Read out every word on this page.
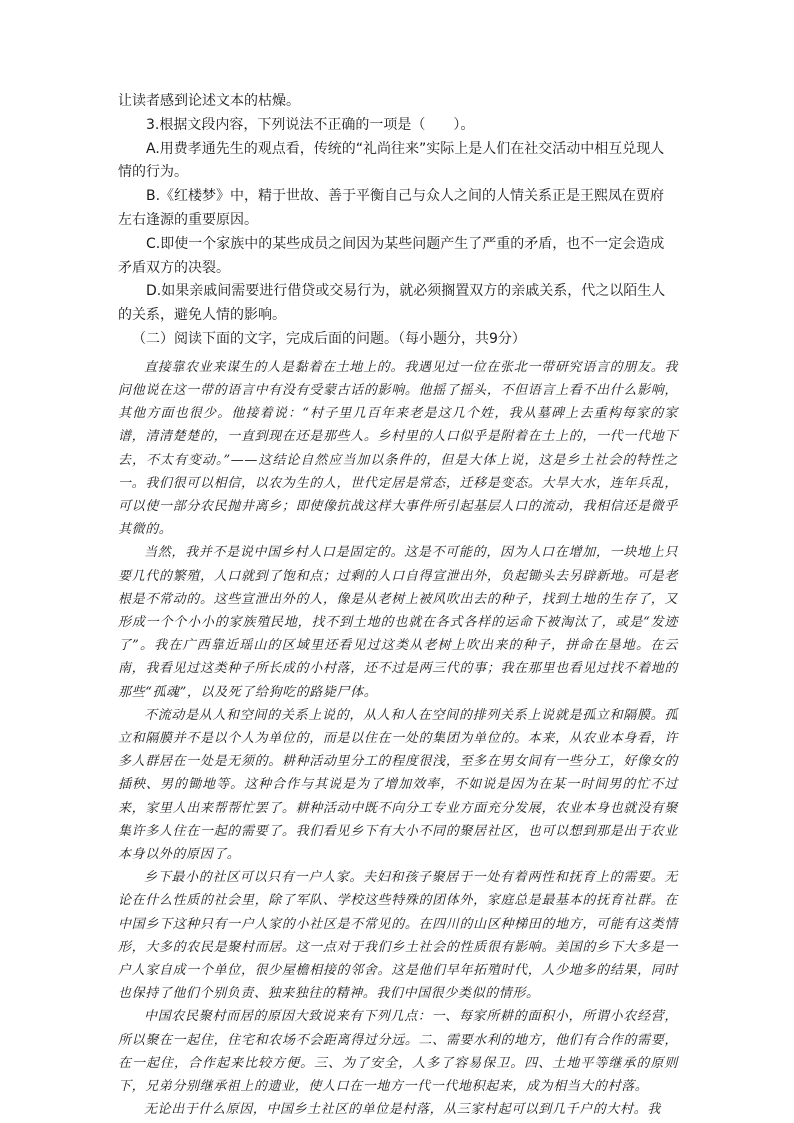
让读者感到论述文本的枯燥。

3.根据文段内容，下列说法不正确的一项是（　　）。

A.用费孝通先生的观点看，传统的“礼尚往来”实际上是人们在社交活动中相互兑现人情的行为。

B.《红楼梦》中，精于世故、善于平衡自己与众人之间的人情关系正是王熙凤在贾府左右逢源的重要原因。

C.即使一个家族中的某些成员之间因为某些问题产生了严重的矛盾，也不一定会造成矛盾双方的决裂。

D.如果亲戚间需要进行借贷或交易行为，就必须搁置双方的亲戚关系，代之以陌生人的关系，避免人情的影响。

（二）阅读下面的文字，完成后面的问题。（每小题分，共9分）

直接靠农业来谋生的人是黏着在土地上的。我遇见过一位在张北一带研究语言的朋友。我问他说在这一带的语言中有没有受蒙古话的影响。他摇了摇头，不但语言上看不出什么影响，其他方面也很少。他接着说：“村子里几百年来老是这几个姓，我从墓碑上去重构每家的家谱，清清楚楚的，一直到现在还是那些人。乡村里的人口似乎是附着在土上的，一代一代地下去，不太有变动。”——这结论自然应当加以条件的，但是大体上说，这是乡土社会的特性之一。我们很可以相信，以农为生的人，世代定居是常态，迁移是变态。大旱大水，连年兵乱，可以使一部分农民抛井离乡；即使像抗战这样大事件所引起基层人口的流动，我相信还是微乎其微的。

当然，我并不是说中国乡村人口是固定的。这是不可能的，因为人口在增加，一块地上只要几代的繁殖，人口就到了饱和点；过剩的人口自得宣泄出外，负起锄头去另辟新地。可是老根是不常动的。这些宣泄出外的人，像是从老树上被风吹出去的种子，找到土地的生存了，又形成一个个小小的家族殖民地，找不到土地的也就在各式各样的运命下被淘汰了，或是“发迹了”。我在广西靠近瑶山的区域里还看见过这类从老树上吹出来的种子，拼命在垦地。在云南，我看见过这类种子所长成的小村落，还不过是两三代的事；我在那里也看见过找不着地的那些“孤魂”，以及死了给狗吃的路毙尸体。

不流动是从人和空间的关系上说的，从人和人在空间的排列关系上说就是孤立和隔膜。孤立和隔膜并不是以个人为单位的，而是以住在一处的集团为单位的。本来，从农业本身看，许多人群居在一处是无须的。耕种活动里分工的程度很浅，至多在男女间有一些分工，好像女的插秧、男的锄地等。这种合作与其说是为了增加效率，不如说是因为在某一时间男的忙不过来，家里人出来帮帮忙罢了。耕种活动中既不向分工专业方面充分发展，农业本身也就没有聚集许多人住在一起的需要了。我们看见乡下有大小不同的聚居社区，也可以想到那是出于农业本身以外的原因了。

乡下最小的社区可以只有一户人家。夫妇和孩子聚居于一处有着两性和抚育上的需要。无论在什么性质的社会里，除了军队、学校这些特殊的团体外，家庭总是最基本的抚育社群。在中国乡下这种只有一户人家的小社区是不常见的。在四川的山区种梯田的地方，可能有这类情形，大多的农民是聚村而居。这一点对于我们乡土社会的性质很有影响。美国的乡下大多是一户人家自成一个单位，很少屋檐相接的邻舍。这是他们早年拓殖时代，人少地多的结果，同时也保持了他们个别负责、独来独往的精神。我们中国很少类似的情形。

中国农民聚村而居的原因大致说来有下列几点：一、每家所耕的面积小，所谓小农经营，所以聚在一起住，住宅和农场不会距离得过分远。二、需要水利的地方，他们有合作的需要，在一起住，合作起来比较方便。三、为了安全，人多了容易保卫。四、土地平等继承的原则下，兄弟分别继承祖上的遗业，使人口在一地方一代一代地积起来，成为相当大的村落。

无论出于什么原因，中国乡土社区的单位是村落，从三家村起可以到几千户的大村。我
